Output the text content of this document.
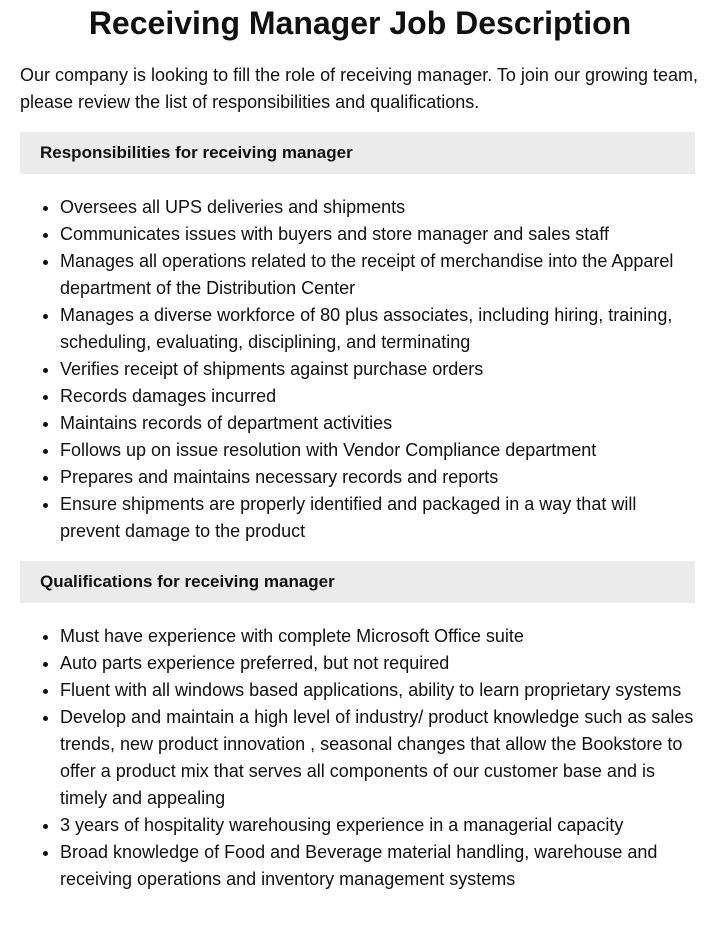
Receiving Manager Job Description

Our company is looking to fill the role of receiving manager. To join our growing team, please review the list of responsibilities and qualifications.

Responsibilities for receiving manager
• Oversees all UPS deliveries and shipments
• Communicates issues with buyers and store manager and sales staff
• Manages all operations related to the receipt of merchandise into the Apparel department of the Distribution Center
• Manages a diverse workforce of 80 plus associates, including hiring, training, scheduling, evaluating, disciplining, and terminating
• Verifies receipt of shipments against purchase orders
• Records damages incurred
• Maintains records of department activities
• Follows up on issue resolution with Vendor Compliance department
• Prepares and maintains necessary records and reports
• Ensure shipments are properly identified and packaged in a way that will prevent damage to the product
Qualifications for receiving manager
• Must have experience with complete Microsoft Office suite
• Auto parts experience preferred, but not required
• Fluent with all windows based applications, ability to learn proprietary systems
• Develop and maintain a high level of industry/ product knowledge such as sales trends, new product innovation , seasonal changes that allow the Bookstore to offer a product mix that serves all components of our customer base and is timely and appealing
• 3 years of hospitality warehousing experience in a managerial capacity
• Broad knowledge of Food and Beverage material handling, warehouse and receiving operations and inventory management systems
